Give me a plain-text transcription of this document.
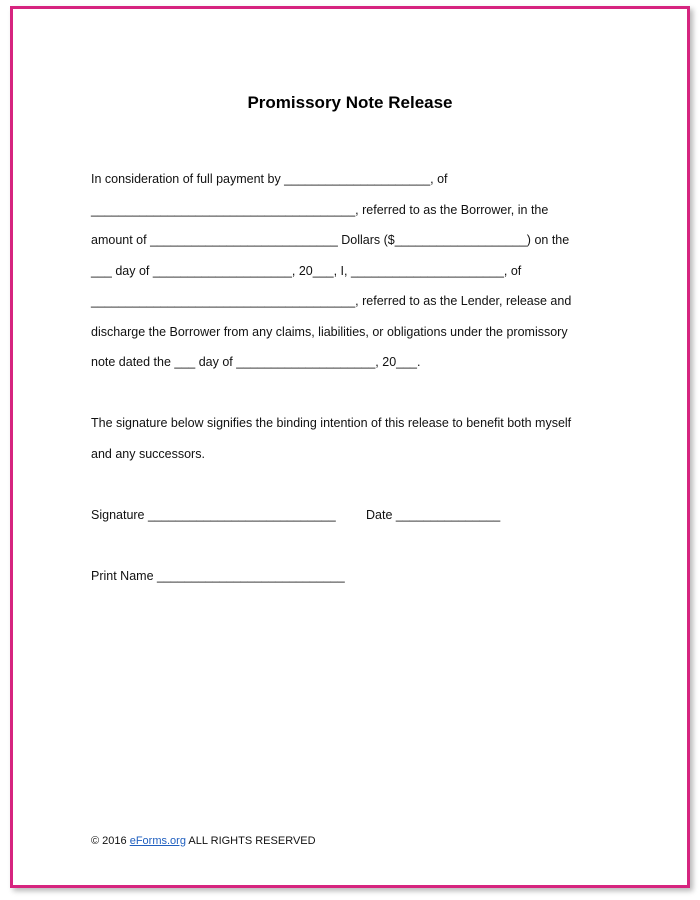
Promissory Note Release
In consideration of full payment by _____________________, of
______________________________________, referred to as the Borrower, in the
amount of ___________________________ Dollars ($___________________) on the
___ day of ____________________, 20___, I, ______________________, of
______________________________________, referred to as the Lender, release and
discharge the Borrower from any claims, liabilities, or obligations under the promissory
note dated the ___ day of ____________________, 20___.
The signature below signifies the binding intention of this release to benefit both myself
and any successors.
Signature ___________________________ Date _______________
Print Name ___________________________
© 2016 eForms.org ALL RIGHTS RESERVED
